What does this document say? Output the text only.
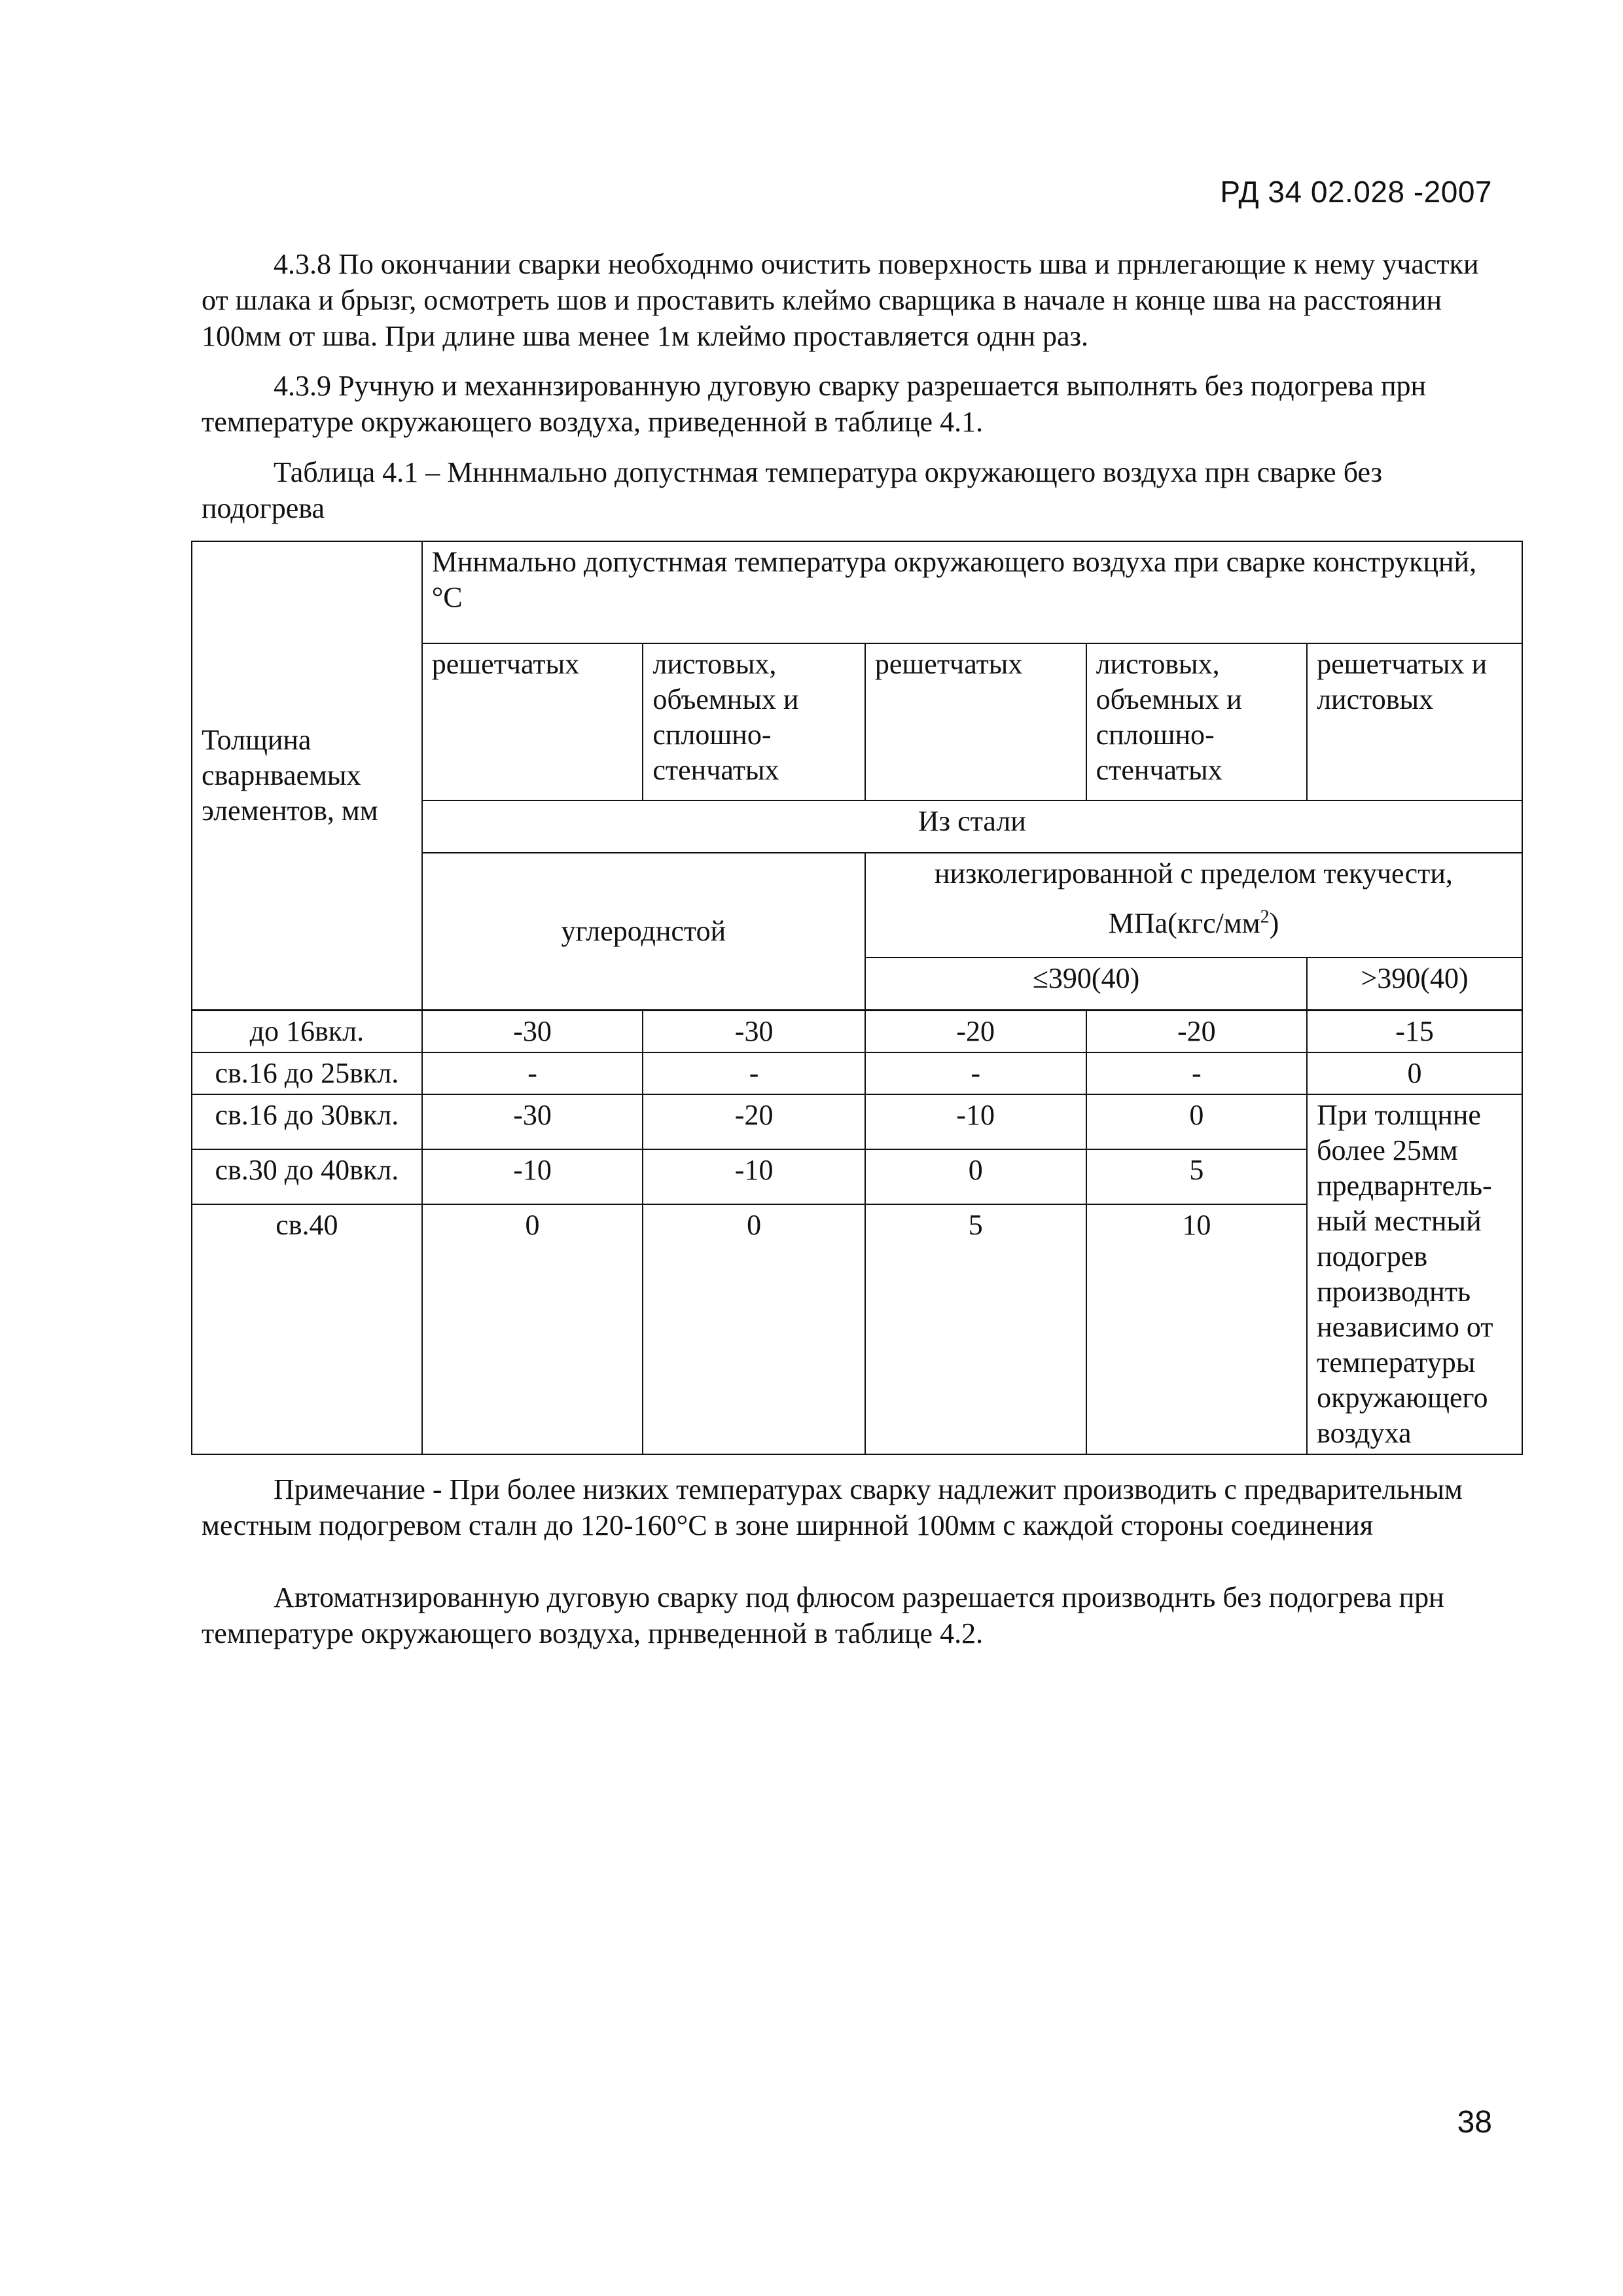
РД 34 02.028 -2007

4.3.8 По окончании сварки необходнмо очистить поверхность шва и прнлегающие к нему участки от шлака и брызг, осмотреть шов и проставить клеймо сварщика в начале н конце шва на расстоянин 100мм от шва. При длине шва менее 1м клеймо проставляется однн раз.

4.3.9 Ручную и механнзированную дуговую сварку разрешается выполнять без подогрева прн температуре окружающего воздуха, приведенной в таблице 4.1.

Таблица 4.1 – Мнннмально допустнмая температура окружающего воздуха прн сварке без подогрева

Толщина сварнваемых элементов, мм	Мннмально допустнмая температура окружающего воздуха при сварке конструкцнй, °С				
	решетчатых	листовых, объемных и сплошно-стенчатых	решетчатых	листовых, объемных и сплошно-стенчатых	решетчатых и листовых
	Из стали				
	углероднстой		низколегированной с пределом текучести,
$МПа(кгс/мм^2)$		

			≤390(40)		>390(40)
до 16вкл.	-30	-30	-20	-20	-15
св.16 до 25вкл.	-	-	-	-	0
св.16 до 30вкл.	-30	-20	-10	0	При толщнне более 25мм предварнтель-ный местный подогрев производнть независимо от температуры окружающего воздуха
св.30 до 40вкл.	-10	-10	0	5	
св.40	0	0	5	10	

Примечание - При более низких температурах сварку надлежит производить с предварительным местным подогревом сталн до 120-160°С в зоне ширнной 100мм с каждой стороны соединения

Автоматнзированную дуговую сварку под флюсом разрешается производнть без подогрева прн температуре окружающего воздуха, прнведенной в таблице 4.2.

38
